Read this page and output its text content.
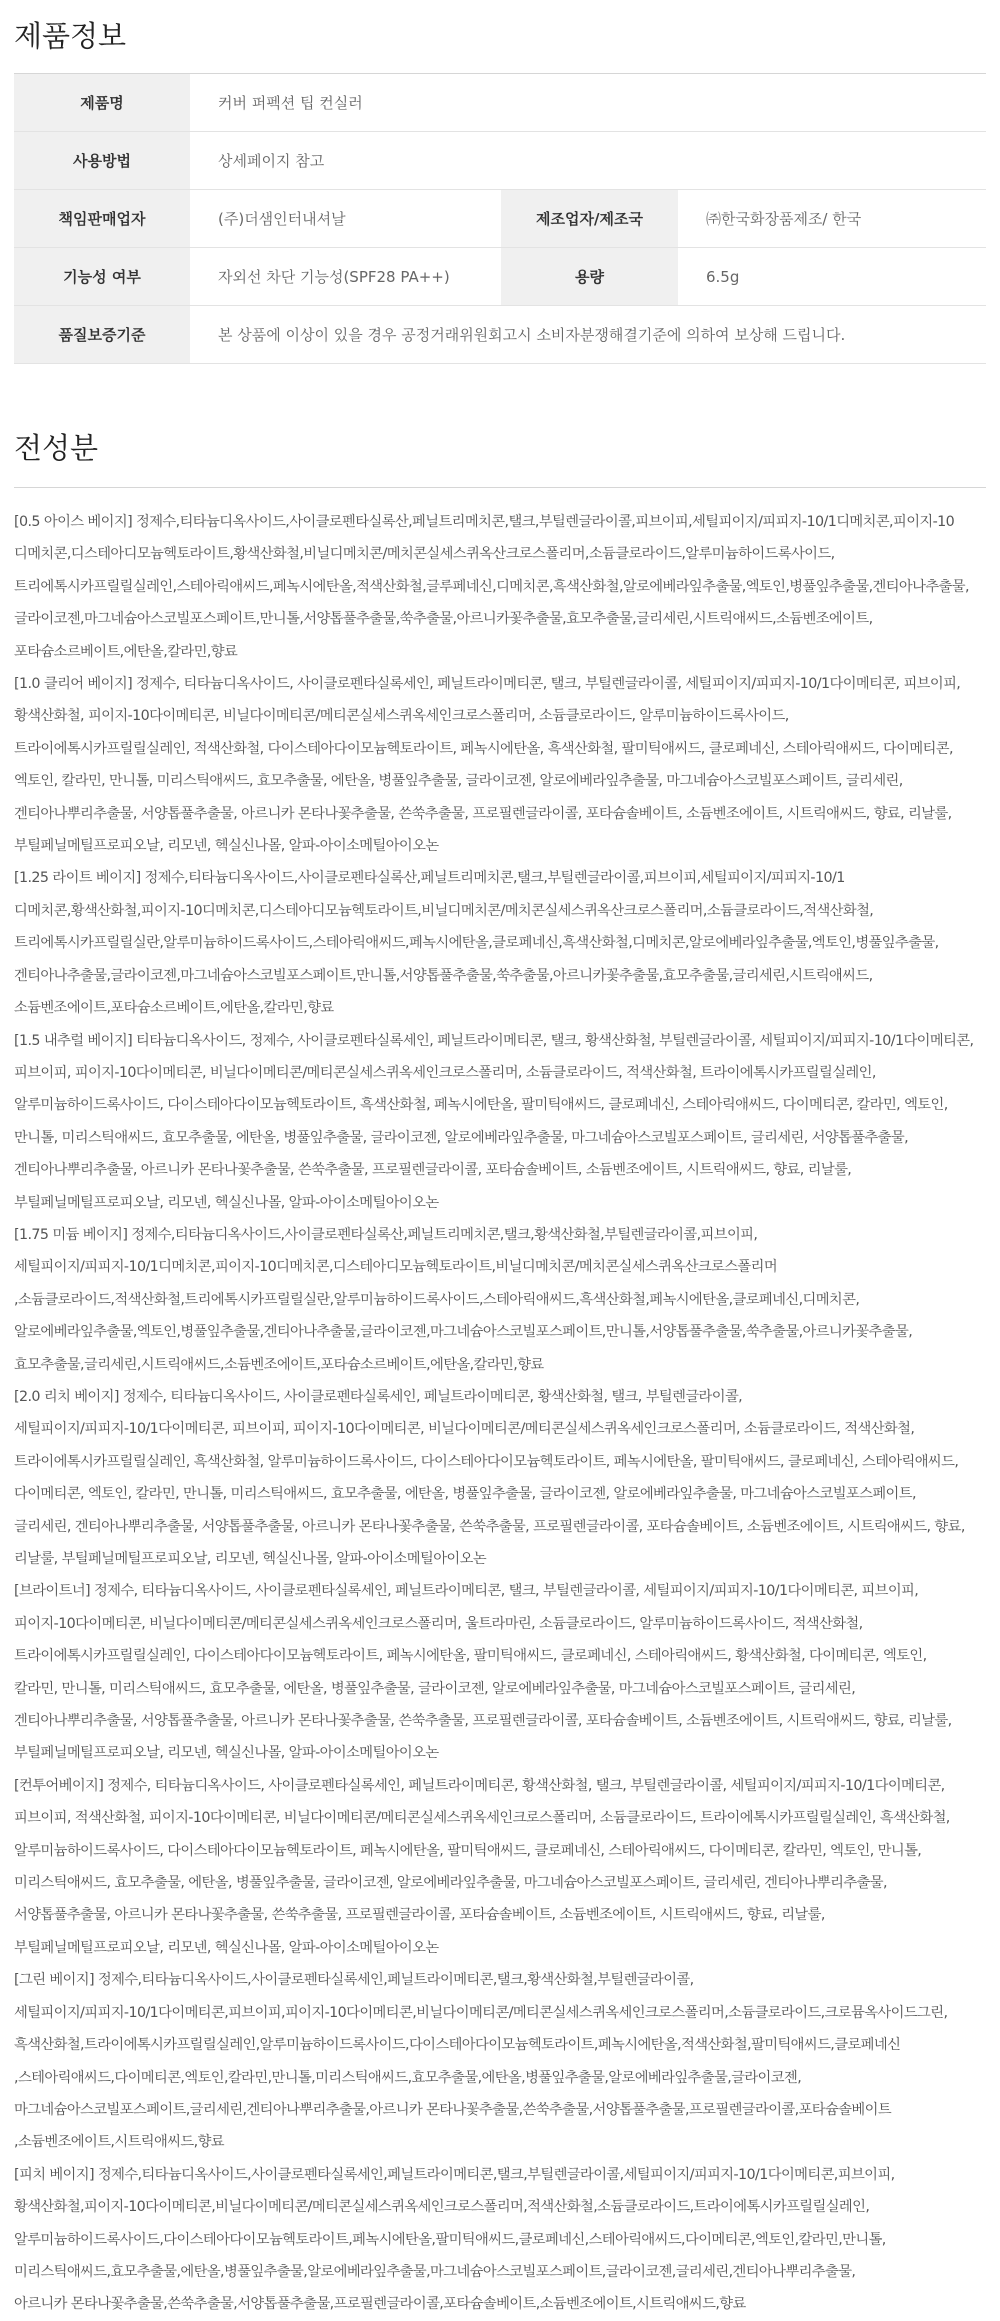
제품정보
제품명	커버 퍼펙션 팁 컨실러		
사용방법	상세페이지 참고		
책임판매업자	(주)더샘인터내셔날	제조업자/제조국	㈜한국화장품제조/ 한국
기능성 여부	자외선 차단 기능성(SPF28 PA++)	용량	6.5g
품질보증기준	본 상품에 이상이 있을 경우 공정거래위원회고시 소비자분쟁해결기준에 의하여 보상해 드립니다.		
전성분
[0.5 아이스 베이지] 정제수,티타늄디옥사이드,사이클로펜타실록산,페닐트리메치콘,탤크,부틸렌글라이콜,피브이피,세틸피이지/피피지-10/1디메치콘,피이지-10
디메치콘,디스테아디모늄헥토라이트,황색산화철,비닐디메치콘/메치콘실세스퀴옥산크로스폴리머,소듐클로라이드,알루미늄하이드록사이드,
트리에톡시카프릴릴실레인,스테아릭애씨드,페녹시에탄올,적색산화철,글루페네신,디메치콘,흑색산화철,알로에베라잎추출물,엑토인,병풀잎추출물,겐티아나추출물,
글라이코젠,마그네슘아스코빌포스페이트,만니톨,서양톱풀추출물,쑥추출물,아르니카꽃추출물,효모추출물,글리세린,시트릭애씨드,소듐벤조에이트,
포타슘소르베이트,에탄올,칼라민,향료
[1.0 클리어 베이지] 정제수, 티타늄디옥사이드, 사이클로펜타실록세인, 페닐트라이메티콘, 탤크, 부틸렌글라이콜, 세틸피이지/피피지-10/1다이메티콘, 피브이피,
황색산화철, 피이지-10다이메티콘, 비닐다이메티콘/메티콘실세스퀴옥세인크로스폴리머, 소듐클로라이드, 알루미늄하이드록사이드,
트라이에톡시카프릴릴실레인, 적색산화철, 다이스테아다이모늄헥토라이트, 페녹시에탄올, 흑색산화철, 팔미틱애씨드, 클로페네신, 스테아릭애씨드, 다이메티콘,
엑토인, 칼라민, 만니톨, 미리스틱애씨드, 효모추출물, 에탄올, 병풀잎추출물, 글라이코젠, 알로에베라잎추출물, 마그네슘아스코빌포스페이트, 글리세린,
겐티아나뿌리추출물, 서양톱풀추출물, 아르니카 몬타나꽃추출물, 쓴쑥추출물, 프로필렌글라이콜, 포타슘솔베이트, 소듐벤조에이트, 시트릭애씨드, 향료, 리날룰,
부틸페닐메틸프로피오날, 리모넨, 헥실신나몰, 알파-아이소메틸아이오논
[1.25 라이트 베이지] 정제수,티타늄디옥사이드,사이클로펜타실록산,페닐트리메치콘,탤크,부틸렌글라이콜,피브이피,세틸피이지/피피지-10/1
디메치콘,황색산화철,피이지-10디메치콘,디스테아디모늄헥토라이트,비닐디메치콘/메치콘실세스퀴옥산크로스폴리머,소듐클로라이드,적색산화철,
트리에톡시카프릴릴실란,알루미늄하이드록사이드,스테아릭애씨드,페녹시에탄올,클로페네신,흑색산화철,디메치콘,알로에베라잎추출물,엑토인,병풀잎추출물,
겐티아나추출물,글라이코젠,마그네슘아스코빌포스페이트,만니톨,서양톱풀추출물,쑥추출물,아르니카꽃추출물,효모추출물,글리세린,시트릭애씨드,
소듐벤조에이트,포타슘소르베이트,에탄올,칼라민,향료
[1.5 내추럴 베이지] 티타늄디옥사이드, 정제수, 사이클로펜타실록세인, 페닐트라이메티콘, 탤크, 황색산화철, 부틸렌글라이콜, 세틸피이지/피피지-10/1다이메티콘,
피브이피, 피이지-10다이메티콘, 비닐다이메티콘/메티콘실세스퀴옥세인크로스폴리머, 소듐클로라이드, 적색산화철, 트라이에톡시카프릴릴실레인,
알루미늄하이드록사이드, 다이스테아다이모늄헥토라이트, 흑색산화철, 페녹시에탄올, 팔미틱애씨드, 클로페네신, 스테아릭애씨드, 다이메티콘, 칼라민, 엑토인,
만니톨, 미리스틱애씨드, 효모추출물, 에탄올, 병풀잎추출물, 글라이코젠, 알로에베라잎추출물, 마그네슘아스코빌포스페이트, 글리세린, 서양톱풀추출물,
겐티아나뿌리추출물, 아르니카 몬타나꽃추출물, 쓴쑥추출물, 프로필렌글라이콜, 포타슘솔베이트, 소듐벤조에이트, 시트릭애씨드, 향료, 리날룰,
부틸페닐메틸프로피오날, 리모넨, 헥실신나몰, 알파-아이소메틸아이오논
[1.75 미듐 베이지] 정제수,티타늄디옥사이드,사이클로펜타실록산,페닐트리메치콘,탤크,황색산화철,부틸렌글라이콜,피브이피,
세틸피이지/피피지-10/1디메치콘,피이지-10디메치콘,디스테아디모늄헥토라이트,비닐디메치콘/메치콘실세스퀴옥산크로스폴리머
,소듐클로라이드,적색산화철,트리에톡시카프릴릴실란,알루미늄하이드록사이드,스테아릭애씨드,흑색산화철,페녹시에탄올,클로페네신,디메치콘,
알로에베라잎추출물,엑토인,병풀잎추출물,겐티아나추출물,글라이코젠,마그네슘아스코빌포스페이트,만니톨,서양톱풀추출물,쑥추출물,아르니카꽃추출물,
효모추출물,글리세린,시트릭애씨드,소듐벤조에이트,포타슘소르베이트,에탄올,칼라민,향료
[2.0 리치 베이지] 정제수, 티타늄디옥사이드, 사이클로펜타실록세인, 페닐트라이메티콘, 황색산화철, 탤크, 부틸렌글라이콜,
세틸피이지/피피지-10/1다이메티콘, 피브이피, 피이지-10다이메티콘, 비닐다이메티콘/메티콘실세스퀴옥세인크로스폴리머, 소듐클로라이드, 적색산화철,
트라이에톡시카프릴릴실레인, 흑색산화철, 알루미늄하이드록사이드, 다이스테아다이모늄헥토라이트, 페녹시에탄올, 팔미틱애씨드, 클로페네신, 스테아릭애씨드,
다이메티콘, 엑토인, 칼라민, 만니톨, 미리스틱애씨드, 효모추출물, 에탄올, 병풀잎추출물, 글라이코젠, 알로에베라잎추출물, 마그네슘아스코빌포스페이트,
글리세린, 겐티아나뿌리추출물, 서양톱풀추출물, 아르니카 몬타나꽃추출물, 쓴쑥추출물, 프로필렌글라이콜, 포타슘솔베이트, 소듐벤조에이트, 시트릭애씨드, 향료,
리날룰, 부틸페닐메틸프로피오날, 리모넨, 헥실신나몰, 알파-아이소메틸아이오논
[브라이트너] 정제수, 티타늄디옥사이드, 사이클로펜타실록세인, 페닐트라이메티콘, 탤크, 부틸렌글라이콜, 세틸피이지/피피지-10/1다이메티콘, 피브이피,
피이지-10다이메티콘, 비닐다이메티콘/메티콘실세스퀴옥세인크로스폴리머, 울트라마린, 소듐클로라이드, 알루미늄하이드록사이드, 적색산화철,
트라이에톡시카프릴릴실레인, 다이스테아다이모늄헥토라이트, 페녹시에탄올, 팔미틱애씨드, 클로페네신, 스테아릭애씨드, 황색산화철, 다이메티콘, 엑토인,
칼라민, 만니톨, 미리스틱애씨드, 효모추출물, 에탄올, 병풀잎추출물, 글라이코젠, 알로에베라잎추출물, 마그네슘아스코빌포스페이트, 글리세린,
겐티아나뿌리추출물, 서양톱풀추출물, 아르니카 몬타나꽃추출물, 쓴쑥추출물, 프로필렌글라이콜, 포타슘솔베이트, 소듐벤조에이트, 시트릭애씨드, 향료, 리날룰,
부틸페닐메틸프로피오날, 리모넨, 헥실신나몰, 알파-아이소메틸아이오논
[컨투어베이지] 정제수, 티타늄디옥사이드, 사이클로펜타실록세인, 페닐트라이메티콘, 황색산화철, 탤크, 부틸렌글라이콜, 세틸피이지/피피지-10/1다이메티콘,
피브이피, 적색산화철, 피이지-10다이메티콘, 비닐다이메티콘/메티콘실세스퀴옥세인크로스폴리머, 소듐클로라이드, 트라이에톡시카프릴릴실레인, 흑색산화철,
알루미늄하이드록사이드, 다이스테아다이모늄헥토라이트, 페녹시에탄올, 팔미틱애씨드, 클로페네신, 스테아릭애씨드, 다이메티콘, 칼라민, 엑토인, 만니톨,
미리스틱애씨드, 효모추출물, 에탄올, 병풀잎추출물, 글라이코젠, 알로에베라잎추출물, 마그네슘아스코빌포스페이트, 글리세린, 겐티아나뿌리추출물,
서양톱풀추출물, 아르니카 몬타나꽃추출물, 쓴쑥추출물, 프로필렌글라이콜, 포타슘솔베이트, 소듐벤조에이트, 시트릭애씨드, 향료, 리날룰,
부틸페닐메틸프로피오날, 리모넨, 헥실신나몰, 알파-아이소메틸아이오논
[그린 베이지] 정제수,티타늄디옥사이드,사이클로펜타실록세인,페닐트라이메티콘,탤크,황색산화철,부틸렌글라이콜,
세틸피이지/피피지-10/1다이메티콘,피브이피,피이지-10다이메티콘,비닐다이메티콘/메티콘실세스퀴옥세인크로스폴리머,소듐클로라이드,크로뮴옥사이드그린,
흑색산화철,트라이에톡시카프릴릴실레인,알루미늄하이드록사이드,다이스테아다이모늄헥토라이트,페녹시에탄올,적색산화철,팔미틱애씨드,클로페네신
,스테아릭애씨드,다이메티콘,엑토인,칼라민,만니톨,미리스틱애씨드,효모추출물,에탄올,병풀잎추출물,알로에베라잎추출물,글라이코젠,
마그네슘아스코빌포스페이트,글리세린,겐티아나뿌리추출물,아르니카 몬타나꽃추출물,쓴쑥추출물,서양톱풀추출물,프로필렌글라이콜,포타슘솔베이트
,소듐벤조에이트,시트릭애씨드,향료
[피치 베이지] 정제수,티타늄디옥사이드,사이클로펜타실록세인,페닐트라이메티콘,탤크,부틸렌글라이콜,세틸피이지/피피지-10/1다이메티콘,피브이피,
황색산화철,피이지-10다이메티콘,비닐다이메티콘/메티콘실세스퀴옥세인크로스폴리머,적색산화철,소듐클로라이드,트라이에톡시카프릴릴실레인,
알루미늄하이드록사이드,다이스테아다이모늄헥토라이트,페녹시에탄올,팔미틱애씨드,클로페네신,스테아릭애씨드,다이메티콘,엑토인,칼라민,만니톨,
미리스틱애씨드,효모추출물,에탄올,병풀잎추출물,알로에베라잎추출물,마그네슘아스코빌포스페이트,글라이코젠,글리세린,겐티아나뿌리추출물,
아르니카 몬타나꽃추출물,쓴쑥추출물,서양톱풀추출물,프로필렌글라이콜,포타슘솔베이트,소듐벤조에이트,시트릭애씨드,향료
